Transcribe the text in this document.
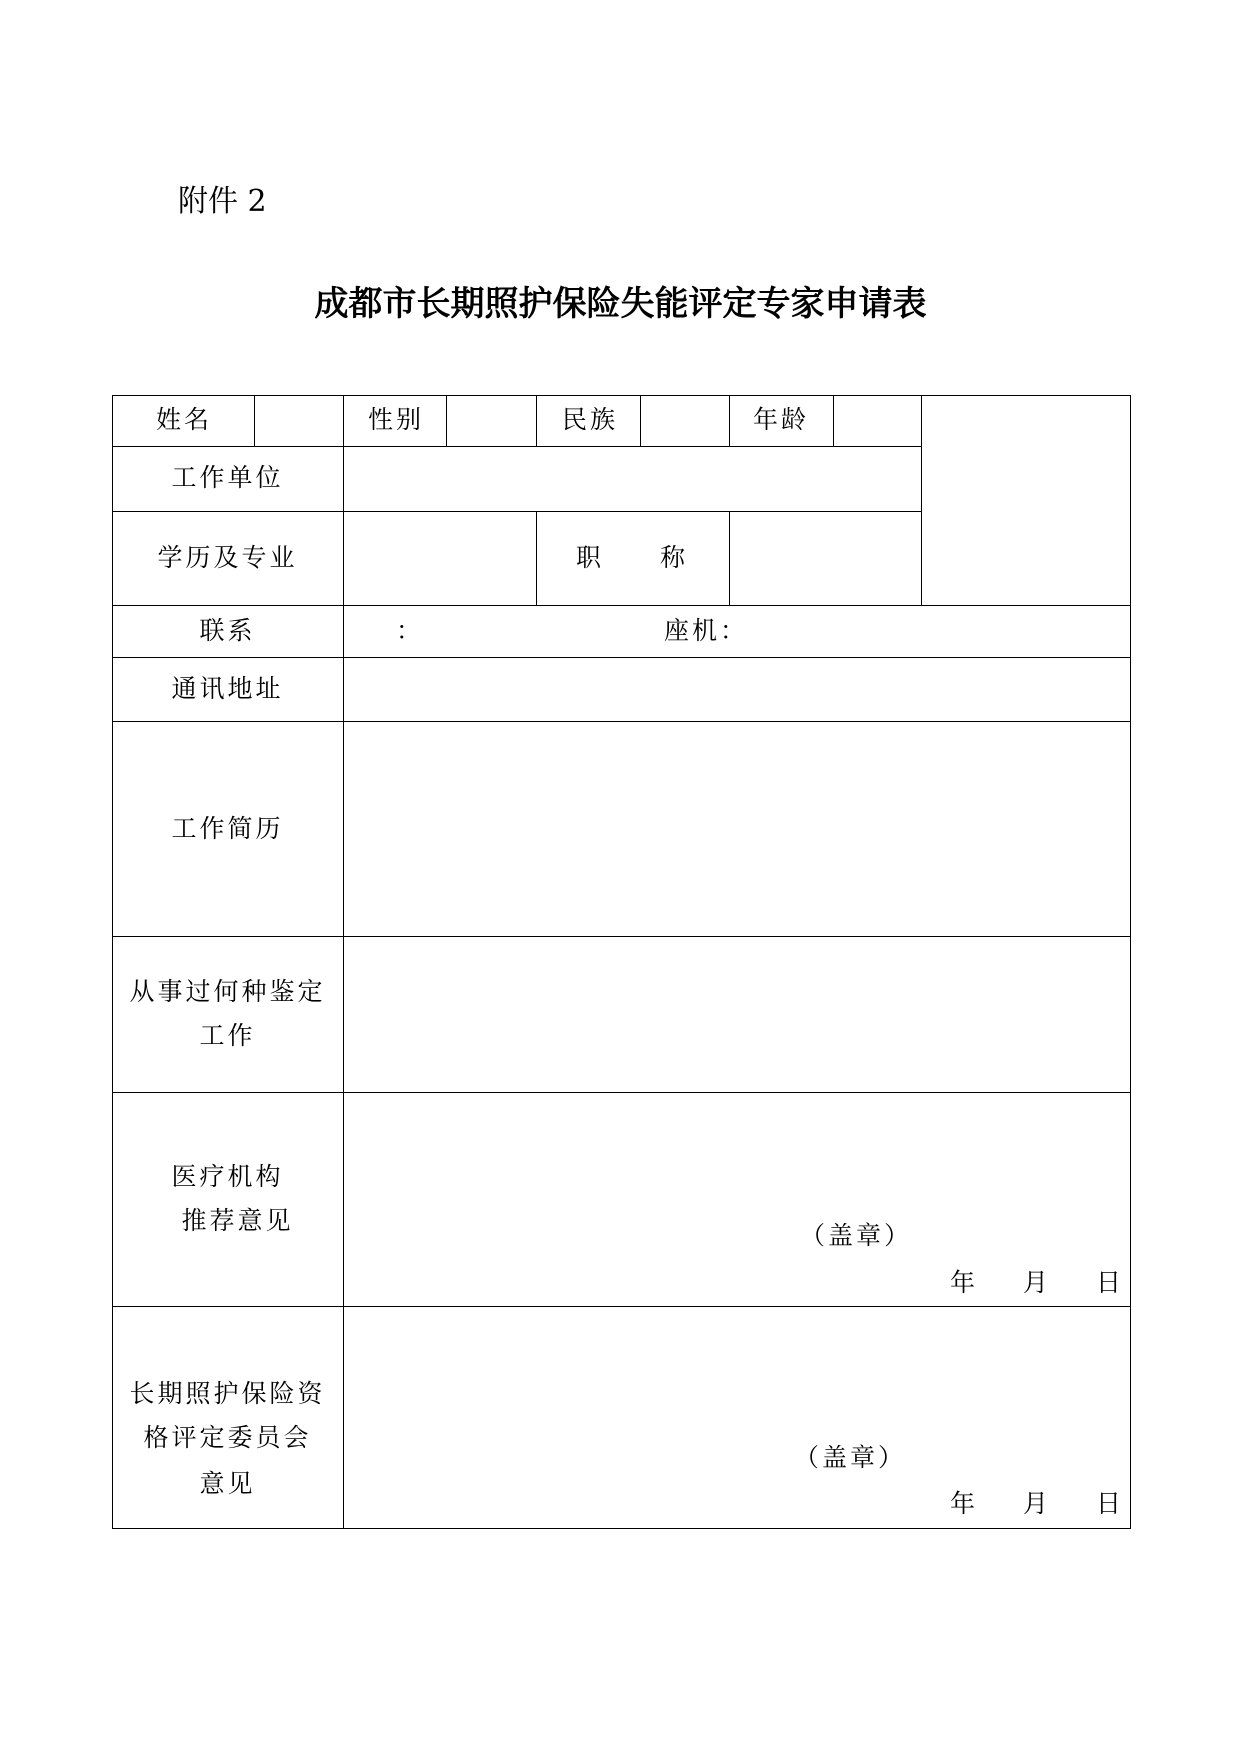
附件 2
成都市长期照护保险失能评定专家申请表
姓名	性别	民族	年龄
工作单位
学历及专业	职　　称
联系	：	座机：
通讯地址
工作简历
从事过何种鉴定
工作
医疗机构
推荐意见
（盖章）
年 月 日
长期照护保险资
格评定委员会
意见
（盖章）
年 月 日
